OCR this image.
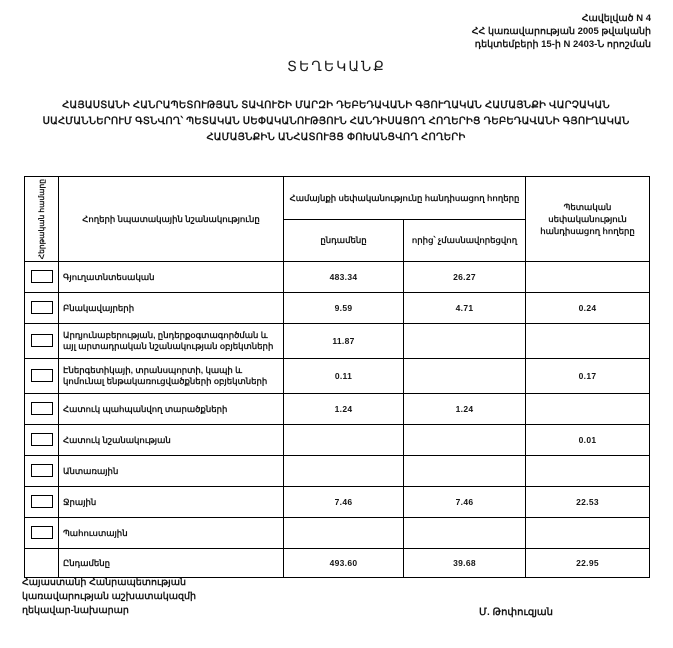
Հավելված N 4
ՀՀ կառավարության 2005 թվականի
դեկտեմբերի 15-ի N 2403-Ն որոշման
ՏԵՂԵԿԱՆՔ
ՀԱՅԱՍՏԱՆԻ ՀԱՆՐԱՊԵՏՈՒԹՅԱՆ ՏԱՎՈՒՇԻ ՄԱՐԶԻ ԴԵԲԵԴԱՎԱՆԻ ԳՅՈՒՂԱԿԱՆ ՀԱՄԱՅՆՔԻ ՎԱՐՉԱԿԱՆ ՍԱՀՄԱՆՆԵՐՈՒՄ ԳՏՆՎՈՂ՝ ՊԵՏԱԿԱՆ ՍԵՓԱԿԱՆՈՒԹՅՈՒՆ ՀԱՆԴԻՍԱՑՈՂ ՀՈՂԵՐԻՑ ԴԵԲԵԴԱՎԱՆԻ ԳՅՈՒՂԱԿԱՆ ՀԱՄԱՅՆՔԻՆ ԱՆՀԱՏՈՒՅՑ ՓՈԽԱՆՑՎՈՂ ՀՈՂԵՐԻ
Հերթական համարը	Հողերի նպատակային նշանակությունը	Համայնքի սեփականությունը հանդիսացող հողերը		Պետական սեփականություն հանդիսացող հողերը
		ընդամենը	որից՝ չմասնավորեցվող	
	Գյուղատնտեսական	483.34	26.27	
	Բնակավայրերի	9.59	4.71	0.24
	Արդյունաբերության, ընդերքօգտագործման և այլ արտադրական նշանակության օբյեկտների	11.87		
	Էներգետիկայի, տրանսպորտի, կապի և կոմունալ ենթակառուցվածքների օբյեկտների	0.11		0.17
	Հատուկ պահպանվող տարածքների	1.24	1.24	
	Հատուկ նշանակության			0.01
	Անտառային			
	Ջրային	7.46	7.46	22.53
	Պահուստային			
	Ընդամենը	493.60	39.68	22.95
Հայաստանի Հանրապետության
կառավարության աշխատակազմի
ղեկավար-նախարար	Մ. Թոփուզյան
